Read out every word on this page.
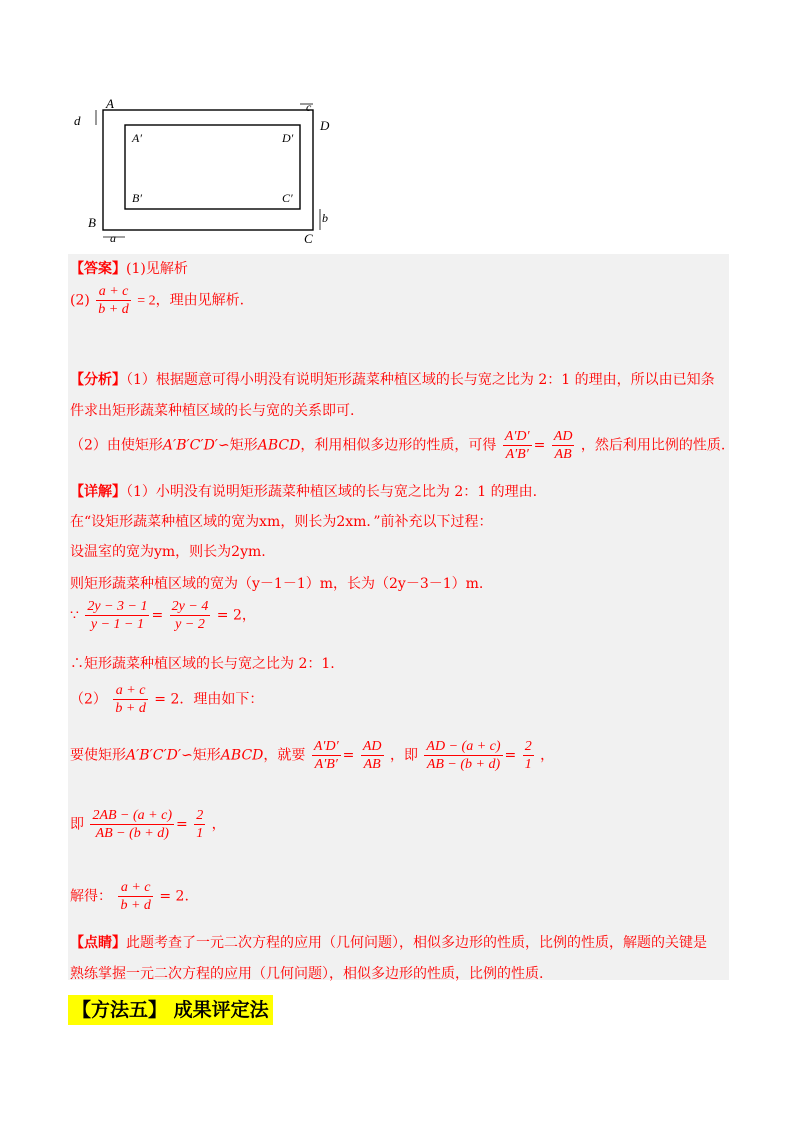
A
d
c
D
A′	D′
B′	C′
b
B
a	C
【答案】(1)见解析
$(2) \frac{a + c}{b + d} = 2$，理由见解析.
【分析】（1）根据题意可得小明没有说明矩形蔬菜种植区域的长与宽之比为 2：1 的理由，所以由已知条
件求出矩形蔬菜种植区域的长与宽的关系即可.
（2）由使矩形A′B′C′D′∽矩形ABCD，利用相似多边形的性质，可得 $\frac{A'D'}{A'B'} = \frac{AD}{AB}$ ，然后利用比例的性质.
【详解】（1）小明没有说明矩形蔬菜种植区域的长与宽之比为 2：1 的理由.
在“设矩形蔬菜种植区域的宽为xm，则长为2xm．”前补充以下过程：
设温室的宽为ym，则长为2ym.
则矩形蔬菜种植区域的宽为（y－1－1）m，长为（2y－3－1）m.
∵ $\frac{2y - 3 - 1}{y - 1 - 1} = \frac{2y - 4}{y - 2} = 2$，
∴矩形蔬菜种植区域的长与宽之比为 2：1.
$(2) \frac{a + c}{b + d} = 2$．理由如下：
要使矩形A′B′C′D′∽矩形ABCD，就要 $\frac{A'D'}{A'B'} = \frac{AD}{AB}$ ，即 $\frac{AD - (a + c)}{AB - (b + d)} = \frac{2}{1}$ ，
即 $\frac{2AB - (a + c)}{AB - (b + d)} = \frac{2}{1}$ ，
解得： $\frac{a + c}{b + d} = 2$.
【点睛】此题考查了一元二次方程的应用（几何问题），相似多边形的性质，比例的性质，解题的关键是
熟练掌握一元二次方程的应用（几何问题），相似多边形的性质，比例的性质.
【方法五】 成果评定法
